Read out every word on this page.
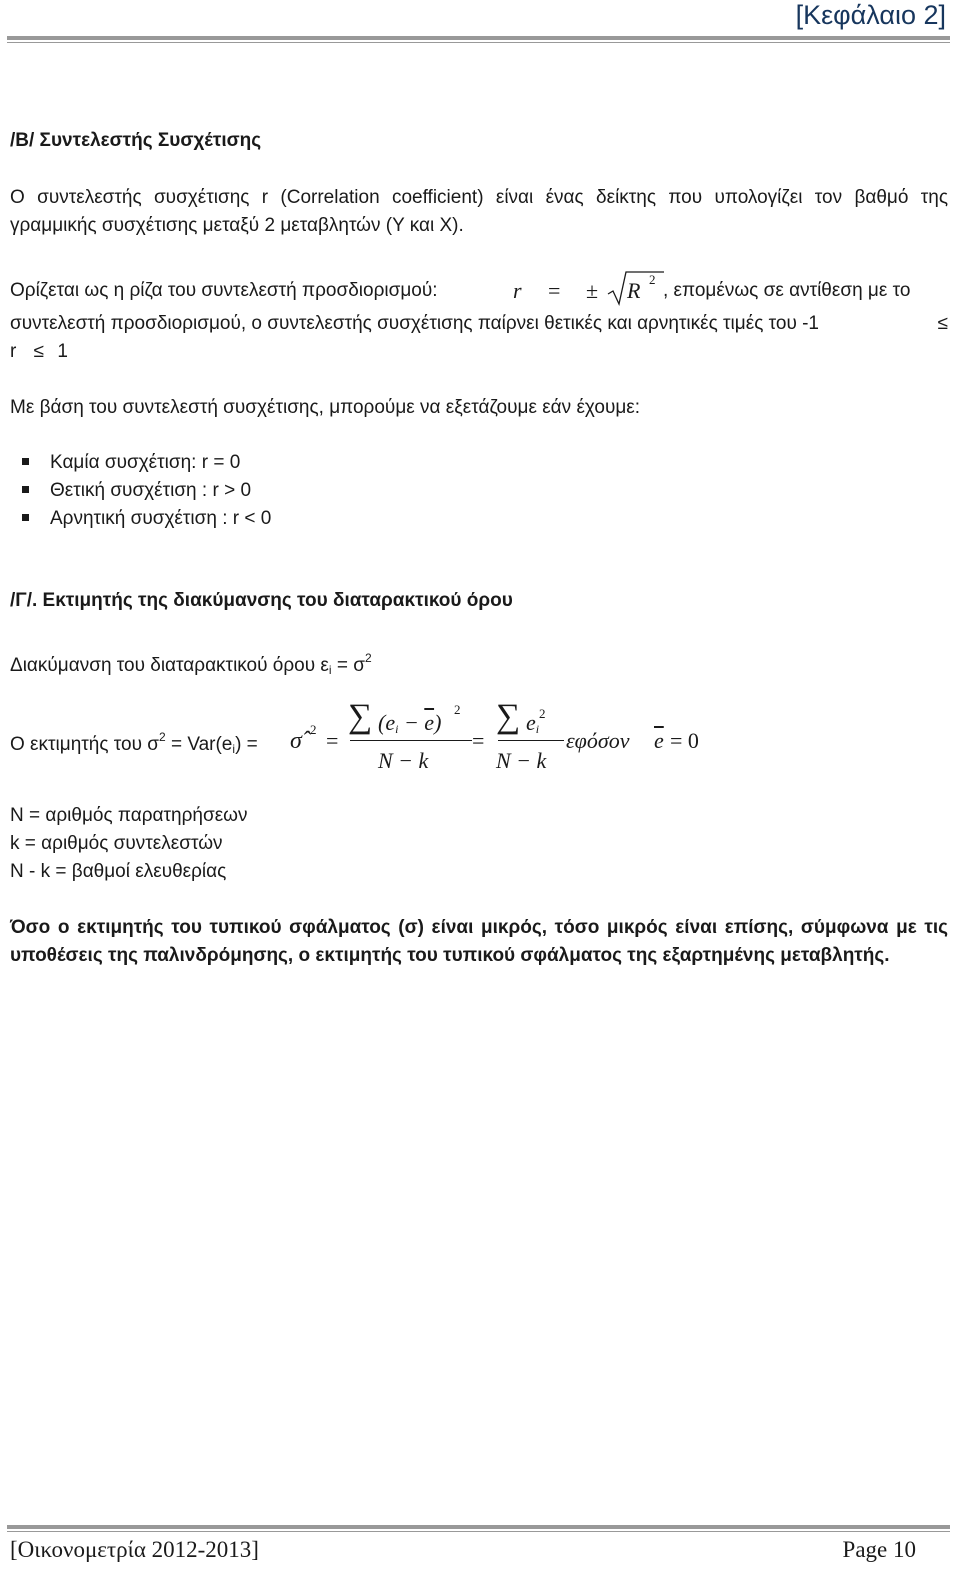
[Κεφάλαιο 2]
/Β/ Συντελεστής Συσχέτισης
Ο συντελεστής συσχέτισης r (Correlation coefficient) είναι ένας δείκτης που υπολογίζει τον βαθμό της γραμμικής συσχέτισης μεταξύ 2 μεταβλητών (Υ και Χ).
Ορίζεται ως η ρίζα του συντελεστή προσδιορισμού:	r = ± R 2
, επομένως σε αντίθεση με το
συντελεστή προσδιορισμού, ο συντελεστής συσχέτισης παίρνει θετικές και αρνητικές τιμές του -1	≤
r ≤ 1
Με βάση του συντελεστή συσχέτισης, μπορούμε να εξετάζουμε εάν έχουμε:
Καμία συσχέτιση: r = 0
Θετική συσχέτιση : r > 0
Αρνητική συσχέτιση : r < 0
/Γ/. Εκτιμητής της διακύμανσης του διαταρακτικού όρου
Διακύμανση του διαταρακτικού όρου $\varepsilon_i = \sigma^2$
Ο εκτιμητής του $\sigma^2 = Var(e_i)$ = σ̂ 2 =
∑ $(e_i - \overline{e})$
2
N − k
=
∑ $e_i$
2
N − k
εφόσον $\overline{e} = 0$
N = αριθμός παρατηρήσεων
k = αριθμός συντελεστών
N - k = βαθμοί ελευθερίας
Όσο ο εκτιμητής του τυπικού σφάλματος (σ) είναι μικρός, τόσο μικρός είναι επίσης, σύμφωνα με τις υποθέσεις της παλινδρόμησης, ο εκτιμητής του τυπικού σφάλματος της εξαρτημένης μεταβλητής.
[Οικονομετρία 2012-2013]	Page 10
